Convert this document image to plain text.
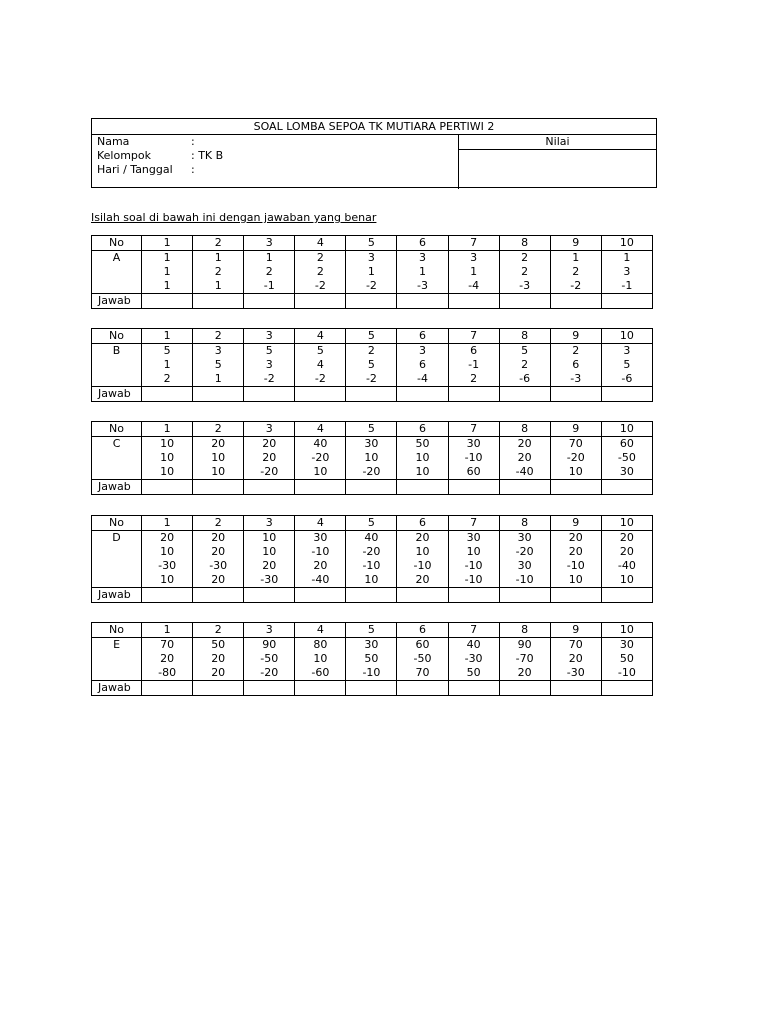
SOAL LOMBA SEPOA TK MUTIARA PERTIWI 2
Nama	:
Kelompok	: TK B
Hari / Tanggal :
Nilai
Isilah soal di bawah ini dengan jawaban yang benar
No	1	2	3	4	5	6	7	8	9	10
A	1	1	1	2	3	3	3	2	1	1
	1	2	2	2	1	1	1	2	2	3
	1	1	-1	-2	-2	-3	-4	-3	-2	-1
Jawab										
No	1	2	3	4	5	6	7	8	9	10
B	5	3	5	5	2	3	6	5	2	3
	1	5	3	4	5	6	-1	2	6	5
	2	1	-2	-2	-2	-4	2	-6	-3	-6
Jawab										
No	1	2	3	4	5	6	7	8	9	10
C	10	20	20	40	30	50	30	20	70	60
	10	10	20	-20	10	10	-10	20	-20	-50
	10	10	-20	10	-20	10	60	-40	10	30
Jawab										
No	1	2	3	4	5	6	7	8	9	10
D	20	20	10	30	40	20	30	30	20	20
	10	20	10	-10	-20	10	10	-20	20	20
	-30	-30	20	20	-10	-10	-10	30	-10	-40
	10	20	-30	-40	10	20	-10	-10	10	10
Jawab										
No	1	2	3	4	5	6	7	8	9	10
E	70	50	90	80	30	60	40	90	70	30
	20	20	-50	10	50	-50	-30	-70	20	50
	-80	20	-20	-60	-10	70	50	20	-30	-10
Jawab										
